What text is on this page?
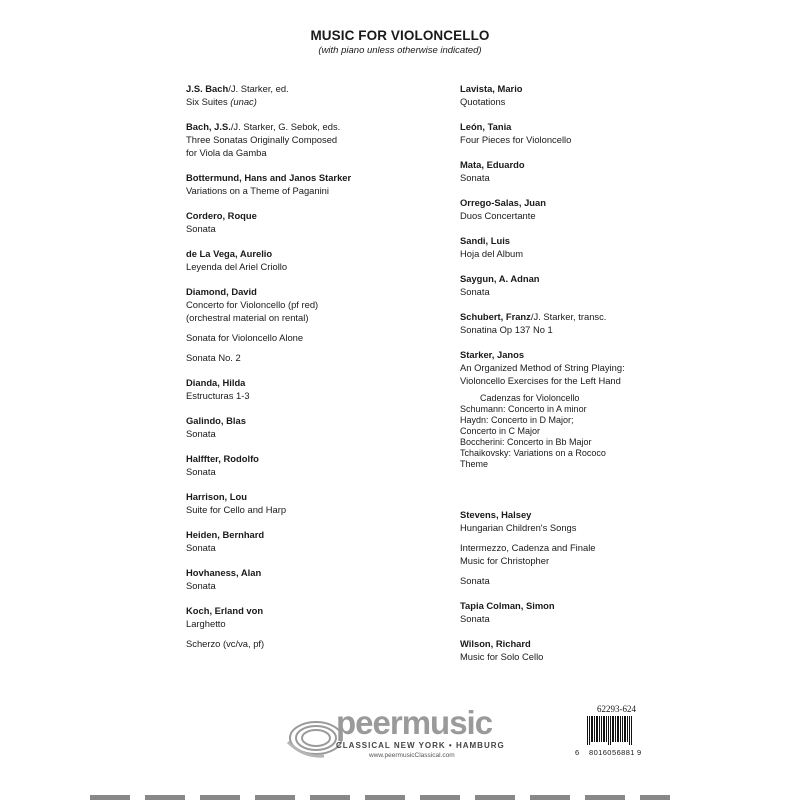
MUSIC FOR VIOLONCELLO
(with piano unless otherwise indicated)
J.S. Bach/J. Starker, ed.
Six Suites (unac)
Bach, J.S./J. Starker, G. Sebok, eds.
Three Sonatas Originally Composed
for Viola da Gamba
Bottermund, Hans and Janos Starker
Variations on a Theme of Paganini
Cordero, Roque
Sonata
de La Vega, Aurelio
Leyenda del Ariel Criollo
Diamond, David
Concerto for Violoncello (pf red)
(orchestral material on rental)
Sonata for Violoncello Alone
Sonata No. 2
Dianda, Hilda
Estructuras 1-3
Galindo, Blas
Sonata
Halffter, Rodolfo
Sonata
Harrison, Lou
Suite for Cello and Harp
Heiden, Bernhard
Sonata
Hovhaness, Alan
Sonata
Koch, Erland von
Larghetto
Scherzo (vc/va, pf)
Lavista, Mario
Quotations
León, Tania
Four Pieces for Violoncello
Mata, Eduardo
Sonata
Orrego-Salas, Juan
Duos Concertante
Sandi, Luis
Hoja del Album
Saygun, A. Adnan
Sonata
Schubert, Franz/J. Starker, transc.
Sonatina Op 137 No 1
Starker, Janos
An Organized Method of String Playing:
Violoncello Exercises for the Left Hand
Cadenzas for Violoncello
Schumann: Concerto in A minor
Haydn: Concerto in D Major;
Concerto in C Major
Boccherini: Concerto in Bb Major
Tchaikovsky: Variations on a Rococo
Theme
Stevens, Halsey
Hungarian Children's Songs
Intermezzo, Cadenza and Finale
Music for Christopher
Sonata
Tapia Colman, Simon
Sonata
Wilson, Richard
Music for Solo Cello
peermusic
CLASSICAL NEW YORK • HAMBURG
www.peermusicClassical.com
62293-624
6 80160 56881 9
